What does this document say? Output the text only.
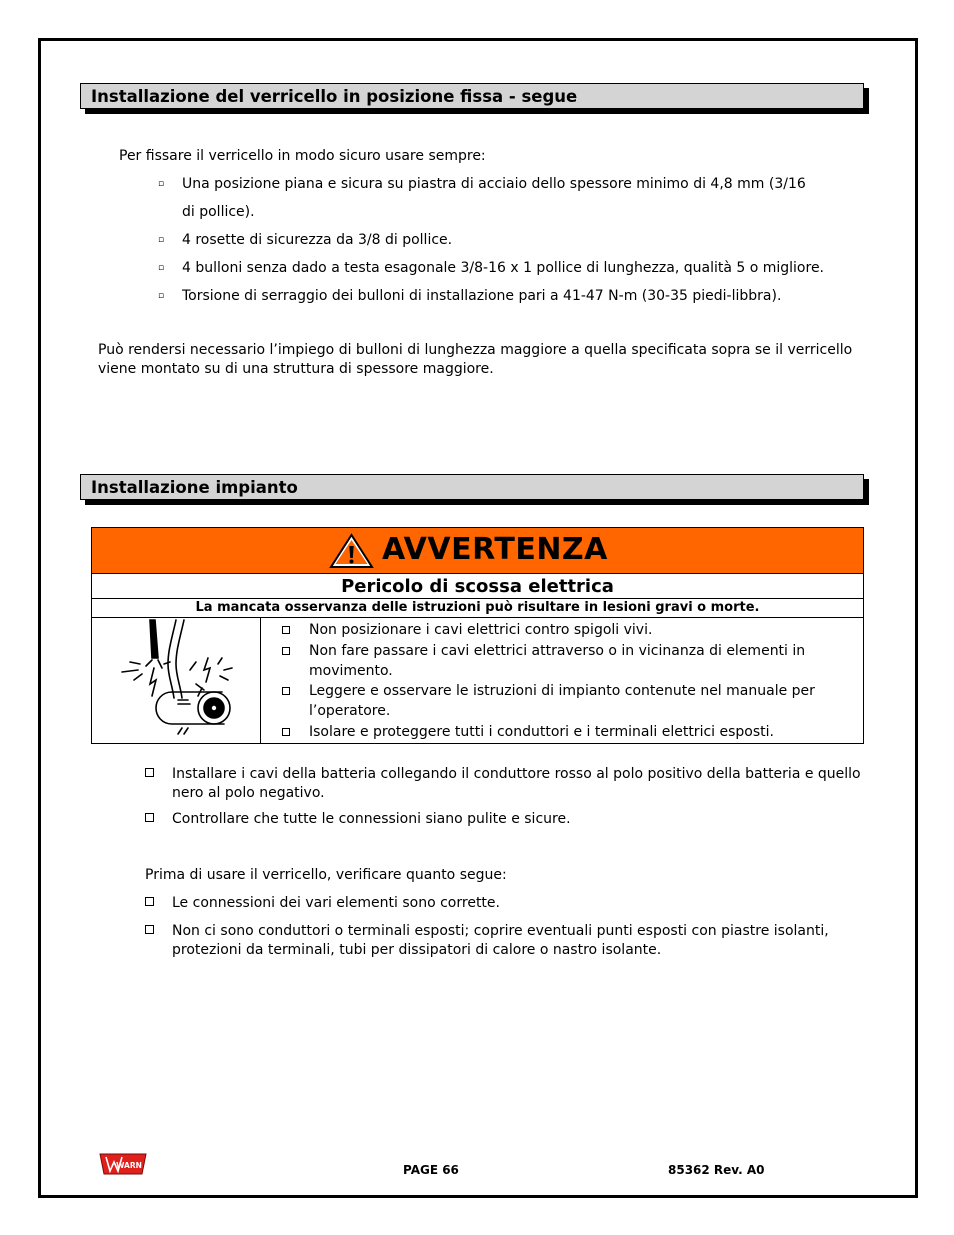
Installazione del verricello in posizione fissa - segue
Per fissare il verricello in modo sicuro usare sempre:
▫ Una posizione piana e sicura su piastra di acciaio dello spessore minimo di 4,8 mm (3/16 di pollice).
▫ 4 rosette di sicurezza da 3/8 di pollice.
▫ 4 bulloni senza dado a testa esagonale 3/8-16 x 1 pollice di lunghezza, qualità 5 o migliore.
▫ Torsione di serraggio dei bulloni di installazione pari a 41-47 N-m (30-35 piedi-libbra).
Può rendersi necessario l’impiego di bulloni di lunghezza maggiore a quella specificata sopra se il verricello
viene montato su di una struttura di spessore maggiore.
Installazione impianto
AVVERTENZA
Pericolo di scossa elettrica
La mancata osservanza delle istruzioni può risultare in lesioni gravi o morte.
Non posizionare i cavi elettrici contro spigoli vivi.
Non fare passare i cavi elettrici attraverso o in vicinanza di elementi in
movimento.
Leggere e osservare le istruzioni di impianto contenute nel manuale per
l’operatore.
Isolare e proteggere tutti i conduttori e i terminali elettrici esposti.
Installare i cavi della batteria collegando il conduttore rosso al polo positivo della batteria e quello
nero al polo negativo.
Controllare che tutte le connessioni siano pulite e sicure.
Prima di usare il verricello, verificare quanto segue:
Le connessioni dei vari elementi sono corrette.
Non ci sono conduttori o terminali esposti; coprire eventuali punti esposti con piastre isolanti,
protezioni da terminali, tubi per dissipatori di calore o nastro isolante.
WARN	PAGE 66	85362 Rev. A0
